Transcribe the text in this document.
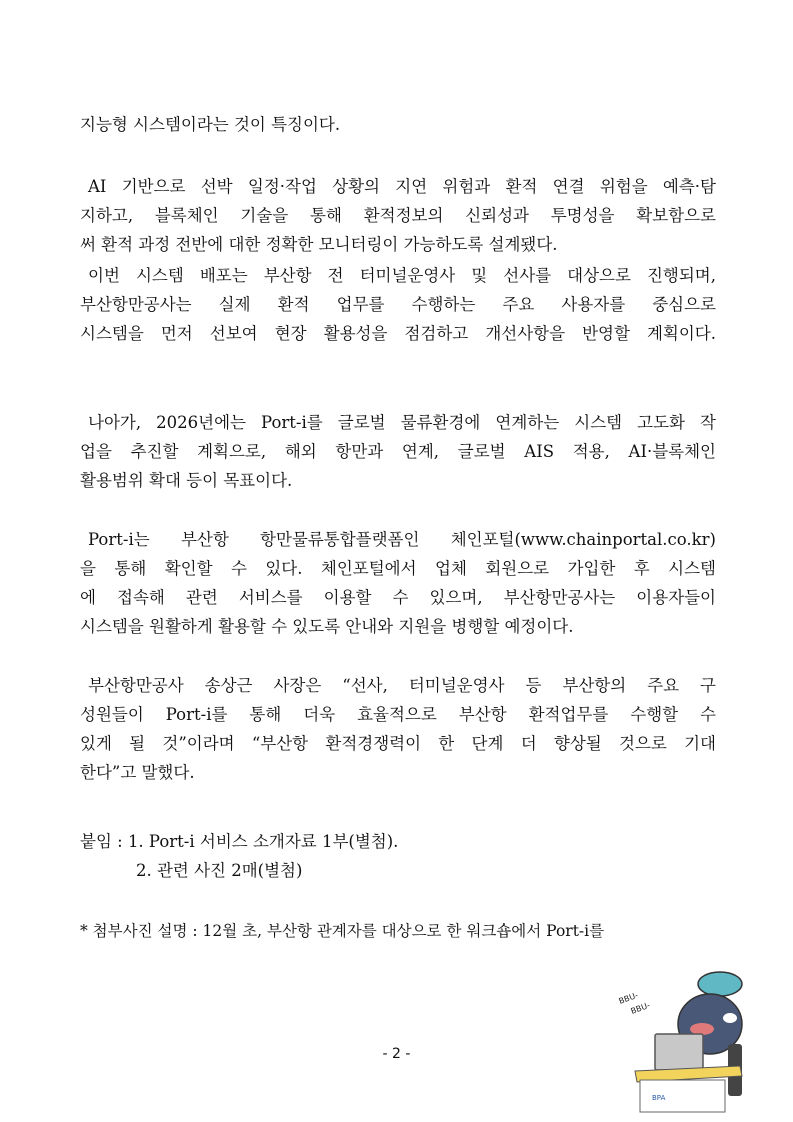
지능형 시스템이라는 것이 특징이다.
AI 기반으로 선박 일정·작업 상황의 지연 위험과 환적 연결 위험을 예측·탐
지하고, 블록체인 기술을 통해 환적정보의 신뢰성과 투명성을 확보함으로
써 환적 과정 전반에 대한 정확한 모니터링이 가능하도록 설계됐다.
이번 시스템 배포는 부산항 전 터미널운영사 및 선사를 대상으로 진행되며,
부산항만공사는 실제 환적 업무를 수행하는 주요 사용자를 중심으로
시스템을 먼저 선보여 현장 활용성을 점검하고 개선사항을 반영할 계획이다.
나아가, 2026년에는 Port-i를 글로벌 물류환경에 연계하는 시스템 고도화 작
업을 추진할 계획으로, 해외 항만과 연계, 글로벌 AIS 적용, AI·블록체인
활용범위 확대 등이 목표이다.
Port-i는 부산항 항만물류통합플랫폼인 체인포털(www.chainportal.co.kr)
을 통해 확인할 수 있다. 체인포털에서 업체 회원으로 가입한 후 시스템
에 접속해 관련 서비스를 이용할 수 있으며, 부산항만공사는 이용자들이
시스템을 원활하게 활용할 수 있도록 안내와 지원을 병행할 예정이다.
부산항만공사 송상근 사장은 “선사, 터미널운영사 등 부산항의 주요 구
성원들이 Port-i를 통해 더욱 효율적으로 부산항 환적업무를 수행할 수
있게 될 것”이라며 “부산항 환적경쟁력이 한 단계 더 향상될 것으로 기대
한다”고 말했다.
붙임 : 1. Port-i 서비스 소개자료 1부(별첨).
2. 관련 사진 2매(별첨)
* 첨부사진 설명 : 12월 초, 부산항 관계자를 대상으로 한 워크숍에서 Port-i를
- 2 -
BPA
BBU-
BBU-
